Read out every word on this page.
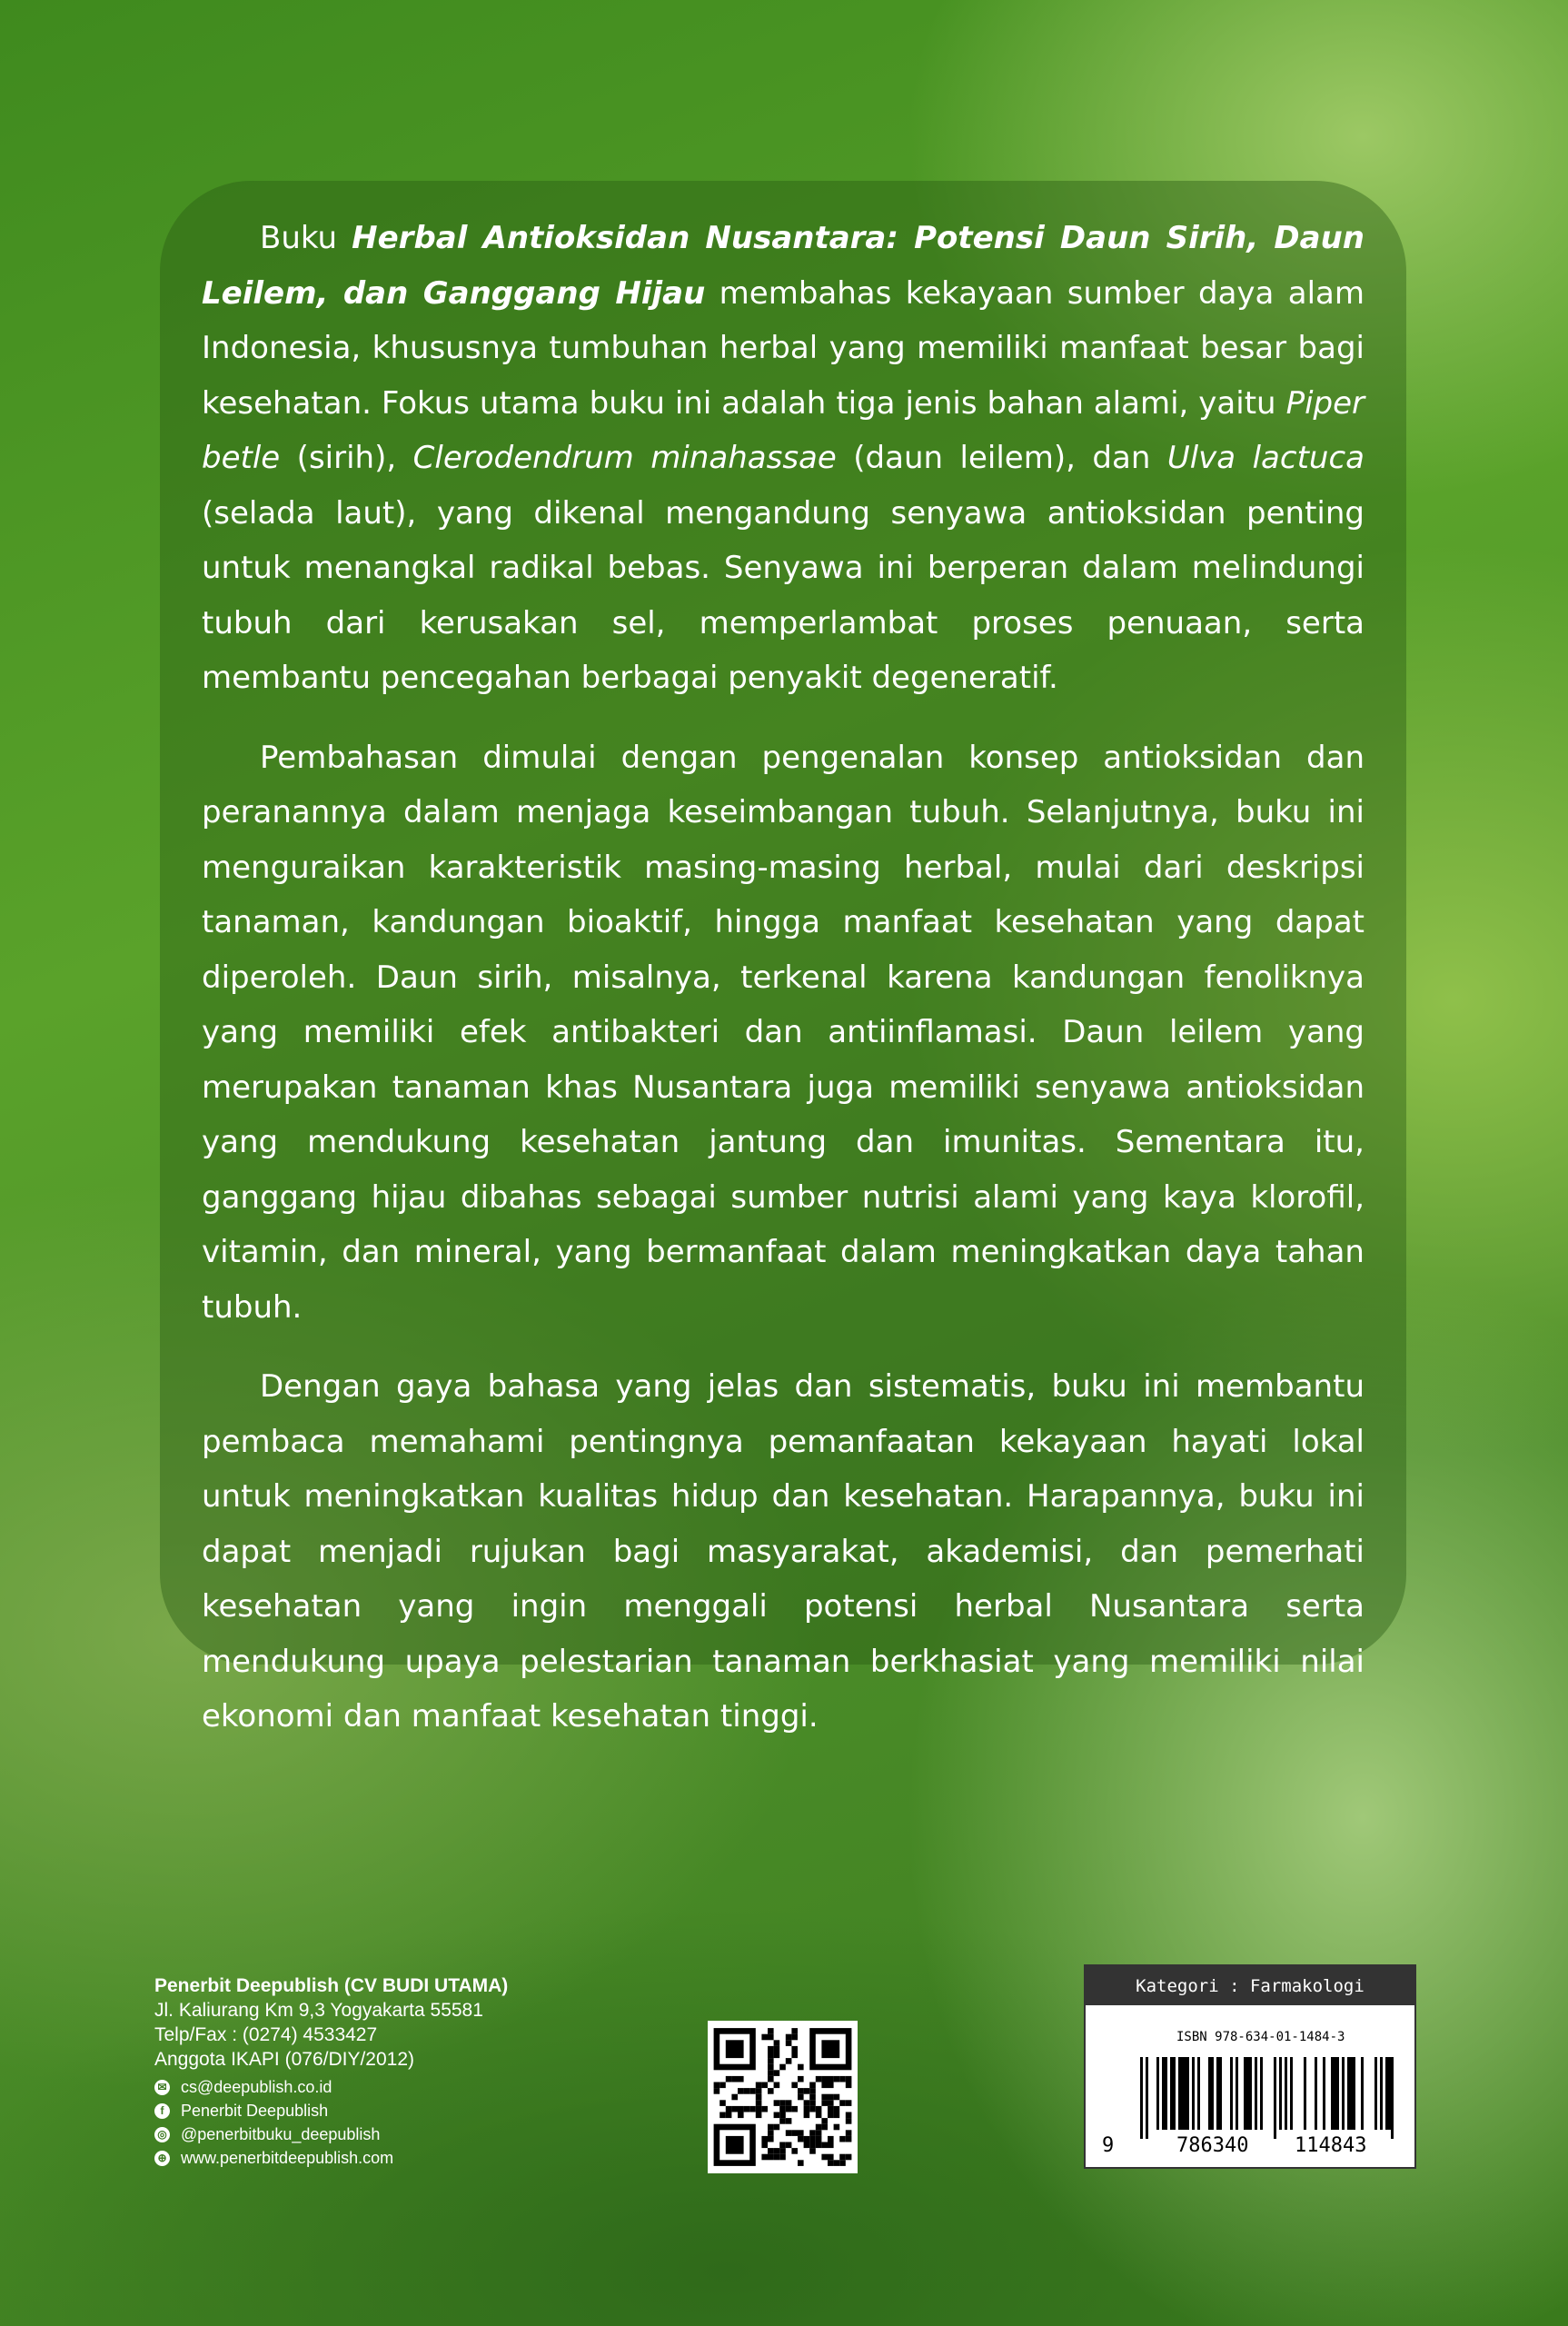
Buku Herbal Antioksidan Nusantara: Potensi Daun Sirih, Daun Leilem, dan Ganggang Hijau membahas kekayaan sumber daya alam Indonesia, khususnya tumbuhan herbal yang memiliki manfaat besar bagi kesehatan. Fokus utama buku ini adalah tiga jenis bahan alami, yaitu Piper betle (sirih), Clerodendrum minahassae (daun leilem), dan Ulva lactuca (selada laut), yang dikenal mengandung senyawa antioksidan penting untuk menangkal radikal bebas. Senyawa ini berperan dalam melindungi tubuh dari kerusakan sel, memperlambat proses penuaan, serta membantu pencegahan berbagai penyakit degeneratif.

Pembahasan dimulai dengan pengenalan konsep antioksidan dan peranannya dalam menjaga keseimbangan tubuh. Selanjutnya, buku ini menguraikan karakteristik masing-masing herbal, mulai dari deskripsi tanaman, kandungan bioaktif, hingga manfaat kesehatan yang dapat diperoleh. Daun sirih, misalnya, terkenal karena kandungan fenoliknya yang memiliki efek antibakteri dan antiinflamasi. Daun leilem yang merupakan tanaman khas Nusantara juga memiliki senyawa antioksidan yang mendukung kesehatan jantung dan imunitas. Sementara itu, ganggang hijau dibahas sebagai sumber nutrisi alami yang kaya klorofil, vitamin, dan mineral, yang bermanfaat dalam meningkatkan daya tahan tubuh.

Dengan gaya bahasa yang jelas dan sistematis, buku ini membantu pembaca memahami pentingnya pemanfaatan kekayaan hayati lokal untuk meningkatkan kualitas hidup dan kesehatan. Harapannya, buku ini dapat menjadi rujukan bagi masyarakat, akademisi, dan pemerhati kesehatan yang ingin menggali potensi herbal Nusantara serta mendukung upaya pelestarian tanaman berkhasiat yang memiliki nilai ekonomi dan manfaat kesehatan tinggi.

Penerbit Deepublish (CV BUDI UTAMA)
Jl. Kaliurang Km 9,3 Yogyakarta 55581
Telp/Fax : (0274) 4533427
Anggota IKAPI (076/DIY/2012)
✉ cs@deepublish.co.id
f	Penerbit Deepublish
◎ @penerbitbuku_deepublish
⊕ www.penerbitdeepublish.com
Kategori : Farmakologi
ISBN 978-634-01-1484-3
9	786340 114843
